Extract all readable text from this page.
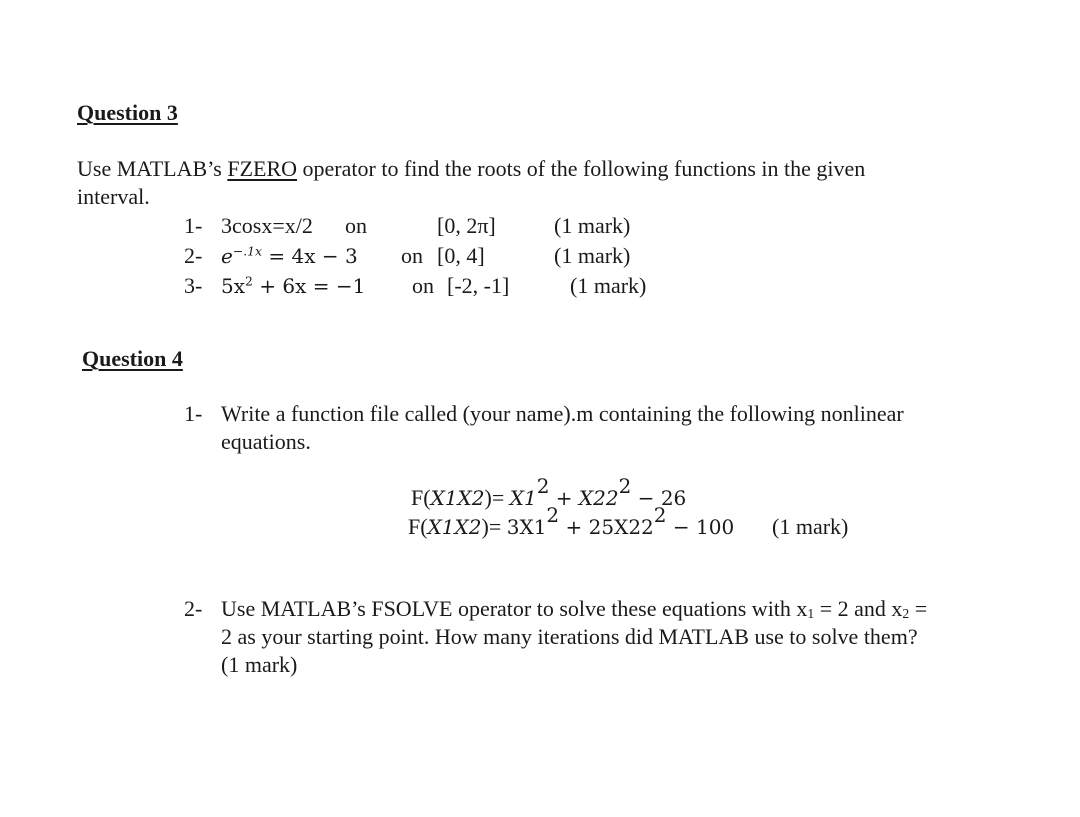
Question 3
Use MATLAB’s FZERO operator to find the roots of the following functions in the given
interval.
1- 3cosx=x/2 on	[0, 2π]	(1 mark)
2- $e^{-.1x} = 4x - 3$ on [0, 4]	(1 mark)
3- $5x^2 + 6x = -1$ on [-2, -1]	(1 mark)
Question 4
1- Write a function file called (your name).m containing the following nonlinear
equations.
$F(X1X2)= X1^2 + X22^2 - 26$
$F(X1X2)= 3X1^2 + 25X22^2 - 100$ (1 mark)
2- Use MATLAB’s FSOLVE operator to solve these equations with $x_1 = 2$ and $x_2$ =
2 as your starting point. How many iterations did MATLAB use to solve them?
(1 mark)
